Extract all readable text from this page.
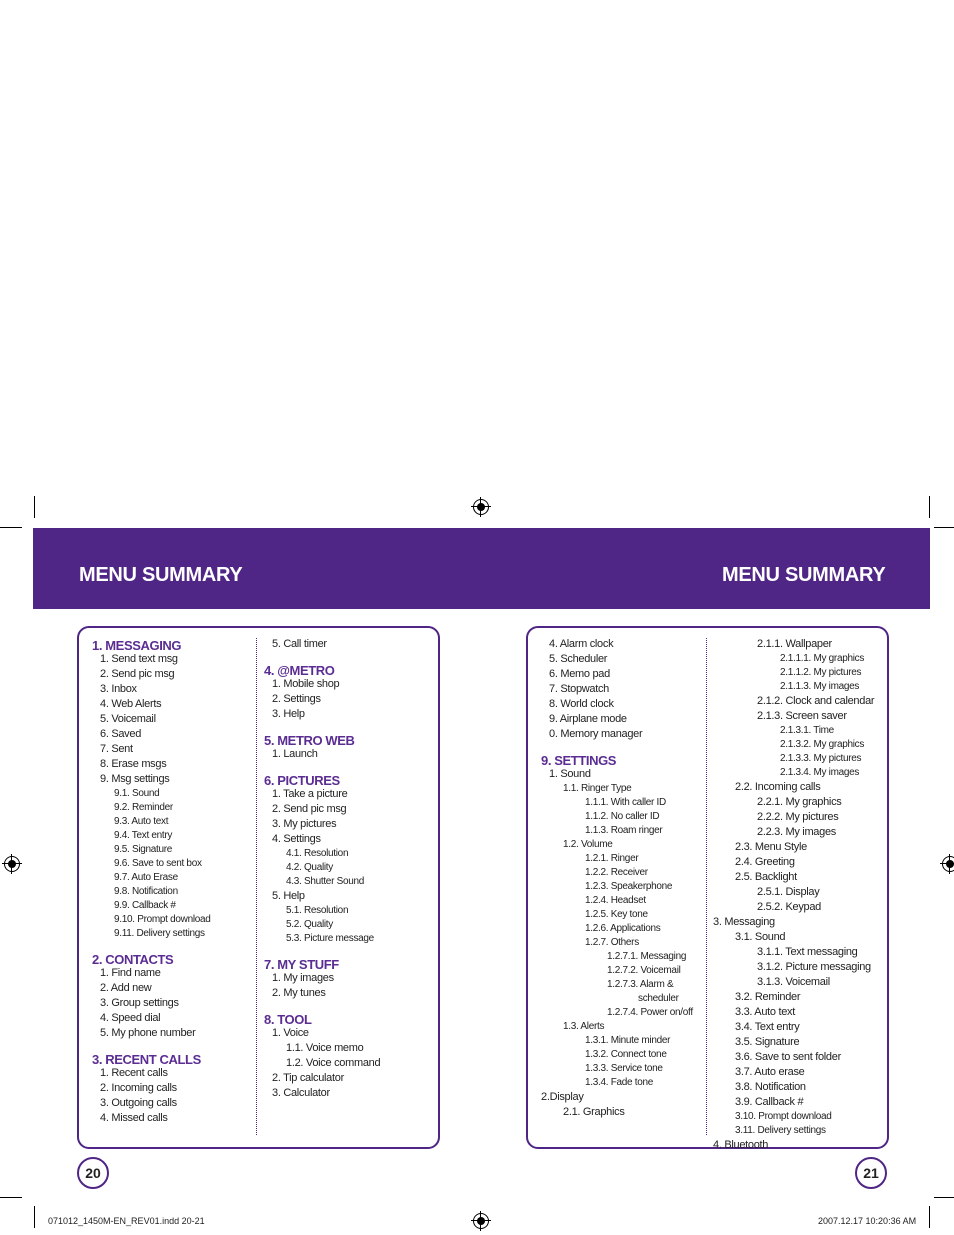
MENU SUMMARY	MENU SUMMARY
1. MESSAGING
1. Send text msg
2. Send pic msg
3. Inbox
4. Web Alerts
5. Voicemail
6. Saved
7. Sent
8. Erase msgs
9. Msg settings
9.1. Sound
9.2. Reminder
9.3. Auto text
9.4. Text entry
9.5. Signature
9.6. Save to sent box
9.7. Auto Erase
9.8. Notification
9.9. Callback #
9.10. Prompt download
9.11. Delivery settings
2. CONTACTS
1. Find name
2. Add new
3. Group settings
4. Speed dial
5. My phone number
3. RECENT CALLS
1. Recent calls
2. Incoming calls
3. Outgoing calls
4. Missed calls
5. Call timer
4. @METRO
1. Mobile shop
2. Settings
3. Help
5. METRO WEB
1. Launch
6. PICTURES
1. Take a picture
2. Send pic msg
3. My pictures
4. Settings
4.1. Resolution
4.2. Quality
4.3. Shutter Sound
5. Help
5.1. Resolution
5.2. Quality
5.3. Picture message
7. MY STUFF
1. My images
2. My tunes
8. TOOL
1. Voice
1.1. Voice memo
1.2. Voice command
2. Tip calculator
3. Calculator
4. Alarm clock
5. Scheduler
6. Memo pad
7. Stopwatch
8. World clock
9. Airplane mode
0. Memory manager
9. SETTINGS
1. Sound
1.1. Ringer Type
1.1.1. With caller ID
1.1.2. No caller ID
1.1.3. Roam ringer
1.2. Volume
1.2.1. Ringer
1.2.2. Receiver
1.2.3. Speakerphone
1.2.4. Headset
1.2.5. Key tone
1.2.6. Applications
1.2.7. Others
1.2.7.1. Messaging
1.2.7.2. Voicemail
1.2.7.3. Alarm &
scheduler
1.2.7.4. Power on/off
1.3. Alerts
1.3.1. Minute minder
1.3.2. Connect tone
1.3.3. Service tone
1.3.4. Fade tone
2.Display
2.1. Graphics
2.1.1. Wallpaper
2.1.1.1. My graphics
2.1.1.2. My pictures
2.1.1.3. My images
2.1.2. Clock and calendar
2.1.3. Screen saver
2.1.3.1. Time
2.1.3.2. My graphics
2.1.3.3. My pictures
2.1.3.4. My images
2.2. Incoming calls
2.2.1. My graphics
2.2.2. My pictures
2.2.3. My images
2.3. Menu Style
2.4. Greeting
2.5. Backlight
2.5.1. Display
2.5.2. Keypad
3. Messaging
3.1. Sound
3.1.1. Text messaging
3.1.2. Picture messaging
3.1.3. Voicemail
3.2. Reminder
3.3. Auto text
3.4. Text entry
3.5. Signature
3.6. Save to sent folder
3.7. Auto erase
3.8. Notification
3.9. Callback #
3.10. Prompt download
3.11. Delivery settings
4. Bluetooth
20	21
071012_1450M-EN_REV01.indd 20-21	2007.12.17 10:20:36 AM
